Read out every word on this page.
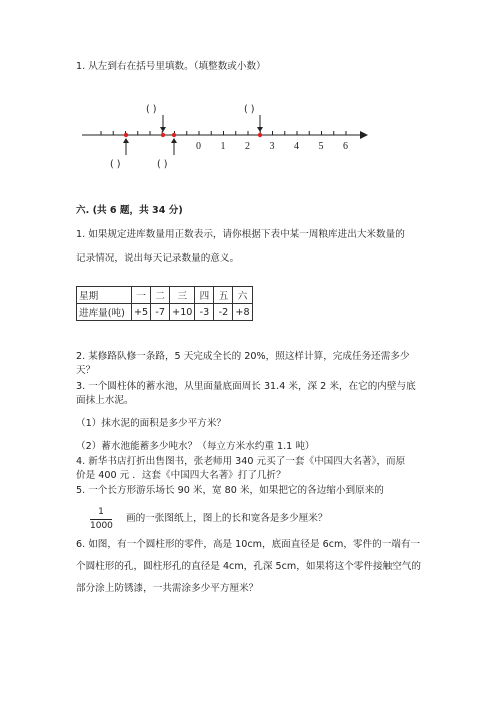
1. 从左到右在括号里填数。（填整数或小数）
0 1 2 3 4 5 6
( )	( )
( )	( )
六. (共 6 题，共 34 分)
1. 如果规定进库数量用正数表示，请你根据下表中某一周粮库进出大米数量的
记录情况，说出每天记录数量的意义。
星期	一	二	三	四	五	六
进库量(吨)	+5	-7	+10	-3	-2	+8
2. 某修路队修一条路，5 天完成全长的 20%，照这样计算，完成任务还需多少
天？
3. 一个圆柱体的蓄水池，从里面量底面周长 31.4 米，深 2 米，在它的内壁与底
面抹上水泥。
（1）抹水泥的面积是多少平方米？
（2）蓄水池能蓄多少吨水？（每立方米水约重 1.1 吨）
4. 新华书店打折出售图书，张老师用 340 元买了一套《中国四大名著》，而原
价是 400 元 ．这套《中国四大名著》打了几折？
5. 一个长方形游乐场长 90 米，宽 80 米，如果把它的各边缩小到原来的
1
1000
画的一张图纸上，图上的长和宽各是多少厘米？
6. 如图，有一个圆柱形的零件，高是 10cm，底面直径是 6cm，零件的一端有一
个圆柱形的孔，圆柱形孔的直径是 4cm，孔深 5cm，如果将这个零件接触空气的
部分涂上防锈漆，一共需涂多少平方厘米？
